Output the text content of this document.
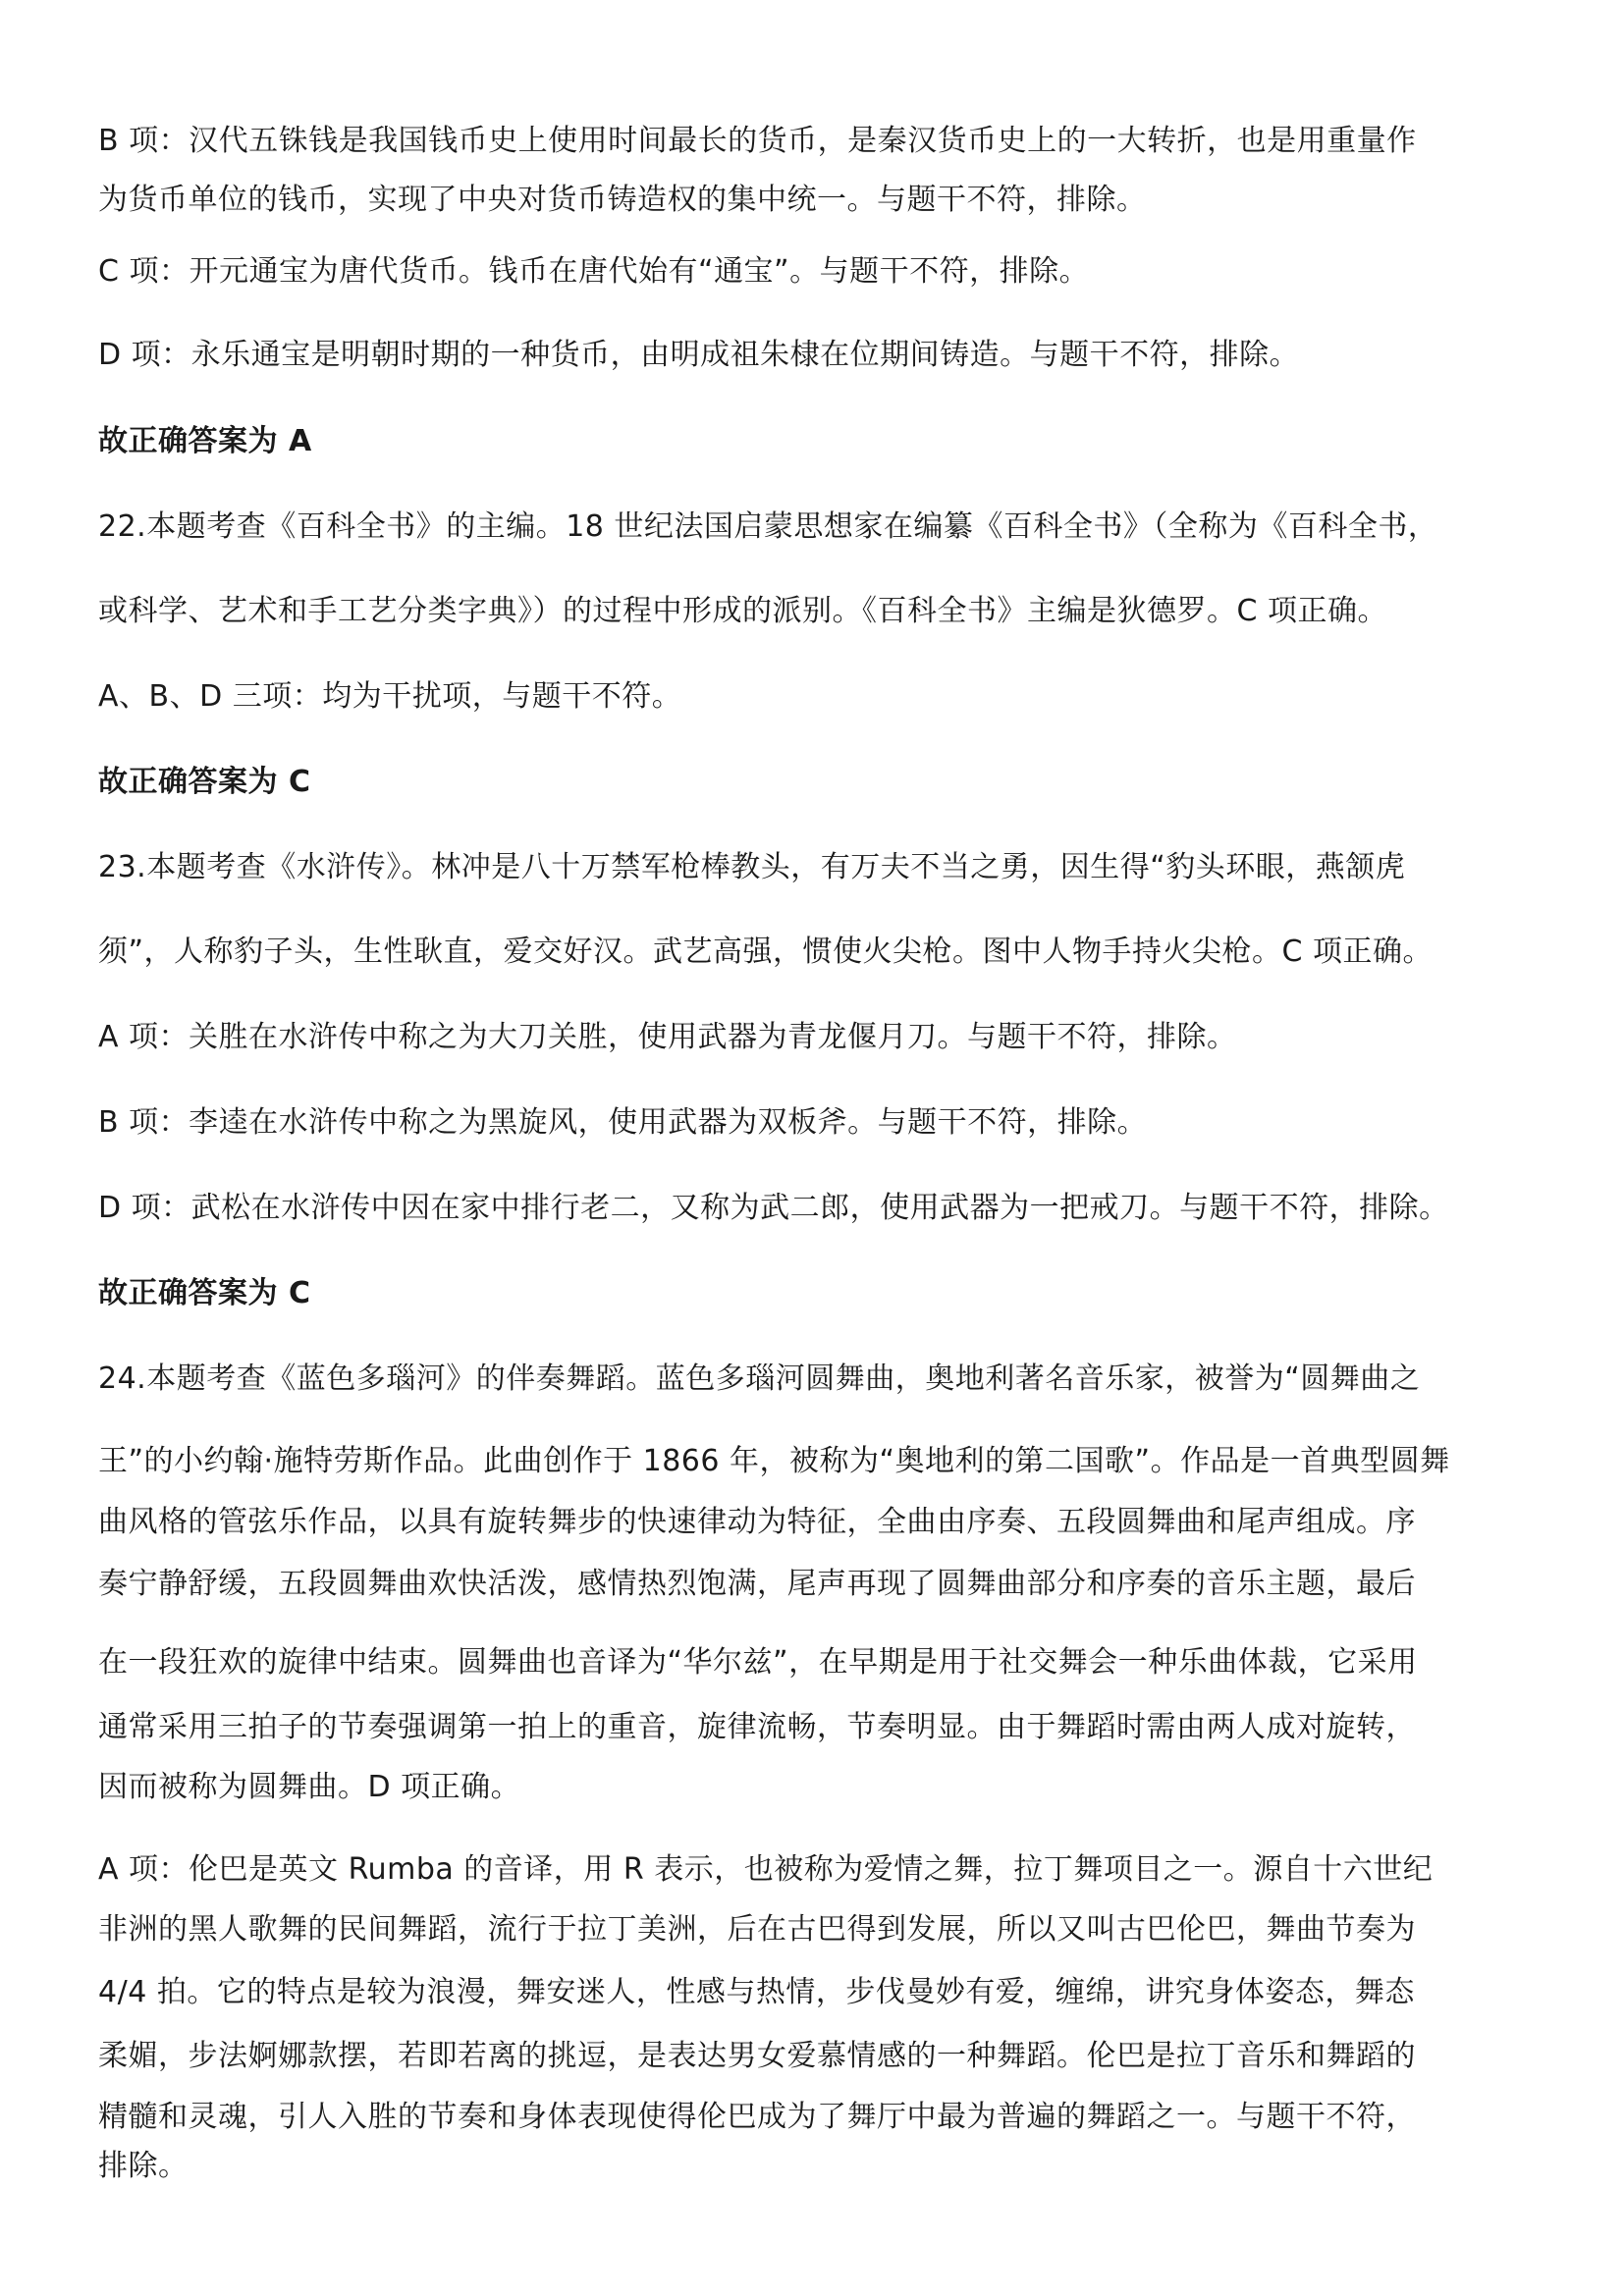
B 项：汉代五铢钱是我国钱币史上使用时间最长的货币，是秦汉货币史上的一大转折，也是用重量作
为货币单位的钱币，实现了中央对货币铸造权的集中统一。与题干不符，排除。
C 项：开元通宝为唐代货币。钱币在唐代始有“通宝”。与题干不符，排除。
D 项：永乐通宝是明朝时期的一种货币，由明成祖朱棣在位期间铸造。与题干不符，排除。
故正确答案为 A
22.本题考查《百科全书》的主编。18 世纪法国启蒙思想家在编纂《百科全书》（全称为《百科全书，
或科学、艺术和手工艺分类字典》）的过程中形成的派别。《百科全书》主编是狄德罗。C 项正确。
A、B、D 三项：均为干扰项，与题干不符。
故正确答案为 C
23.本题考查《水浒传》。林冲是八十万禁军枪棒教头，有万夫不当之勇，因生得“豹头环眼，燕颔虎
须”，人称豹子头，生性耿直，爱交好汉。武艺高强，惯使火尖枪。图中人物手持火尖枪。C 项正确。
A 项：关胜在水浒传中称之为大刀关胜，使用武器为青龙偃月刀。与题干不符，排除。
B 项：李逵在水浒传中称之为黑旋风，使用武器为双板斧。与题干不符，排除。
D 项：武松在水浒传中因在家中排行老二，又称为武二郎，使用武器为一把戒刀。与题干不符，排除。
故正确答案为 C
24.本题考查《蓝色多瑙河》的伴奏舞蹈。蓝色多瑙河圆舞曲，奥地利著名音乐家，被誉为“圆舞曲之
王”的小约翰·施特劳斯作品。此曲创作于 1866 年，被称为“奥地利的第二国歌”。作品是一首典型圆舞
曲风格的管弦乐作品，以具有旋转舞步的快速律动为特征，全曲由序奏、五段圆舞曲和尾声组成。序
奏宁静舒缓，五段圆舞曲欢快活泼，感情热烈饱满，尾声再现了圆舞曲部分和序奏的音乐主题，最后
在一段狂欢的旋律中结束。圆舞曲也音译为“华尔兹”，在早期是用于社交舞会一种乐曲体裁，它采用
通常采用三拍子的节奏强调第一拍上的重音，旋律流畅，节奏明显。由于舞蹈时需由两人成对旋转，
因而被称为圆舞曲。D 项正确。
A 项：伦巴是英文 Rumba 的音译，用 R 表示，也被称为爱情之舞，拉丁舞项目之一。源自十六世纪
非洲的黑人歌舞的民间舞蹈，流行于拉丁美洲，后在古巴得到发展，所以又叫古巴伦巴，舞曲节奏为
4/4 拍。它的特点是较为浪漫，舞安迷人，性感与热情，步伐曼妙有爱，缠绵，讲究身体姿态，舞态
柔媚，步法婀娜款摆，若即若离的挑逗，是表达男女爱慕情感的一种舞蹈。伦巴是拉丁音乐和舞蹈的
精髓和灵魂，引人入胜的节奏和身体表现使得伦巴成为了舞厅中最为普遍的舞蹈之一。与题干不符，
排除。
